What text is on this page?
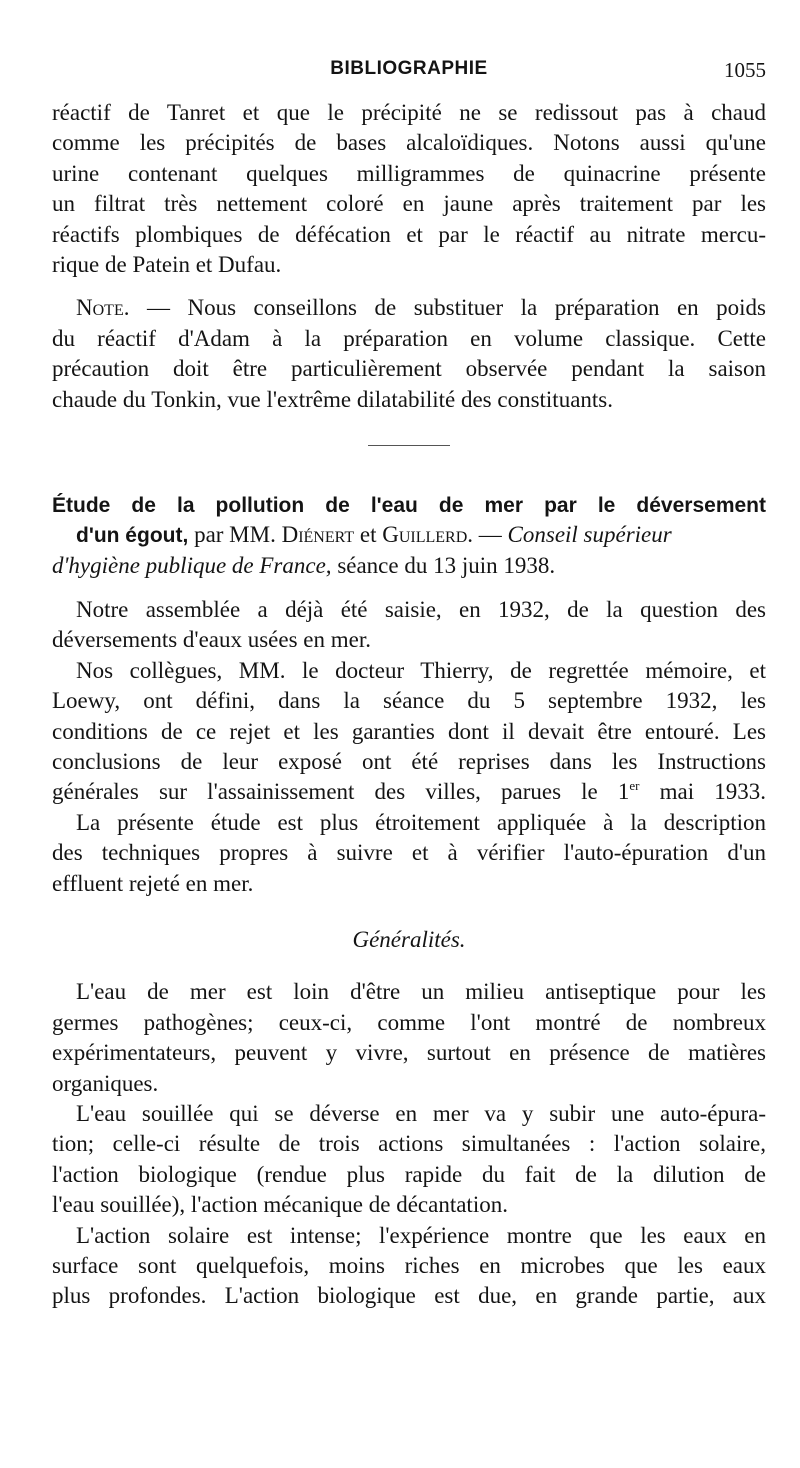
BIBLIOGRAPHIE	1055
réactif de Tanret et que le précipité ne se redissout pas à chaud
comme les précipités de bases alcaloïdiques. Notons aussi qu'une
urine contenant quelques milligrammes de quinacrine présente
un filtrat très nettement coloré en jaune après traitement par les
réactifs plombiques de défécation et par le réactif au nitrate mercu-
rique de Patein et Dufau.
Note. — Nous conseillons de substituer la préparation en poids
du réactif d'Adam à la préparation en volume classique. Cette
précaution doit être particulièrement observée pendant la saison
chaude du Tonkin, vue l'extrême dilatabilité des constituants.
Étude de la pollution de l'eau de mer par le déversement
d'un égout, par MM. Diénert et Guillerd. — Conseil supérieur
d'hygiène publique de France, séance du 13 juin 1938.
Notre assemblée a déjà été saisie, en 1932, de la question des
déversements d'eaux usées en mer.
Nos collègues, MM. le docteur Thierry, de regrettée mémoire, et
Loewy, ont défini, dans la séance du 5 septembre 1932, les
conditions de ce rejet et les garanties dont il devait être entouré. Les
conclusions de leur exposé ont été reprises dans les Instructions
générales sur l'assainissement des villes, parues le 1er mai 1933.
La présente étude est plus étroitement appliquée à la description
des techniques propres à suivre et à vérifier l'auto-épuration d'un
effluent rejeté en mer.
Généralités.
L'eau de mer est loin d'être un milieu antiseptique pour les
germes pathogènes; ceux-ci, comme l'ont montré de nombreux
expérimentateurs, peuvent y vivre, surtout en présence de matières
organiques.
L'eau souillée qui se déverse en mer va y subir une auto-épura-
tion; celle-ci résulte de trois actions simultanées : l'action solaire,
l'action biologique (rendue plus rapide du fait de la dilution de
l'eau souillée), l'action mécanique de décantation.
L'action solaire est intense; l'expérience montre que les eaux en
surface sont quelquefois, moins riches en microbes que les eaux
plus profondes. L'action biologique est due, en grande partie, aux
